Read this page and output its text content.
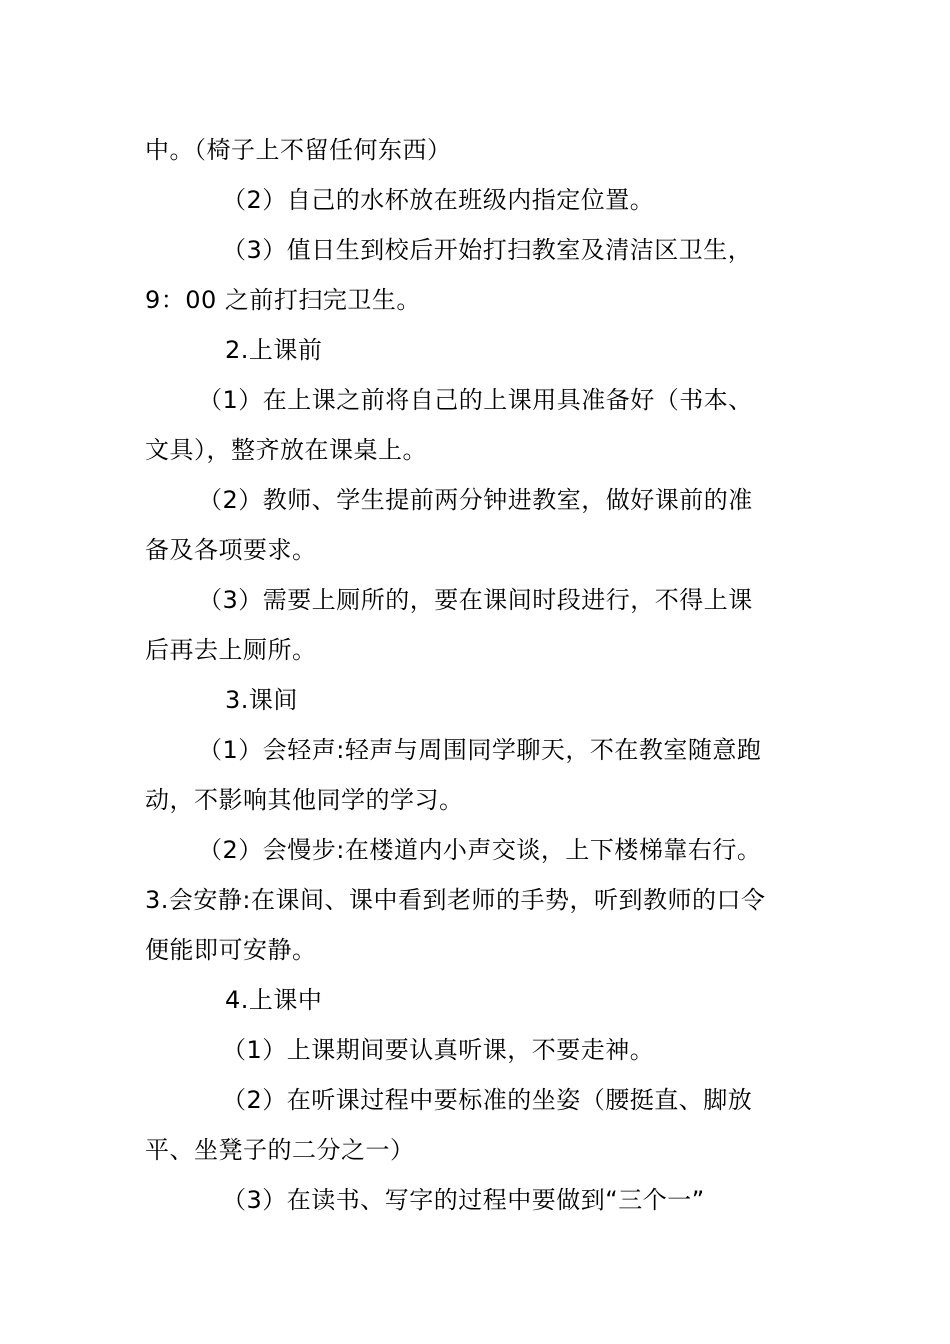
中。（椅子上不留任何东西）
（2）自己的水杯放在班级内指定位置。
（3）值日生到校后开始打扫教室及清洁区卫生，
9：00 之前打扫完卫生。
2.上课前
（1）在上课之前将自己的上课用具准备好（书本、
文具），整齐放在课桌上。
（2）教师、学生提前两分钟进教室，做好课前的准
备及各项要求。
（3）需要上厕所的，要在课间时段进行，不得上课
后再去上厕所。
3.课间
（1）会轻声:轻声与周围同学聊天，不在教室随意跑
动，不影响其他同学的学习。
（2）会慢步:在楼道内小声交谈，上下楼梯靠右行。
3.会安静:在课间、课中看到老师的手势，听到教师的口令
便能即可安静。
4.上课中
（1）上课期间要认真听课，不要走神。
（2）在听课过程中要标准的坐姿（腰挺直、脚放
平、坐凳子的二分之一）
（3）在读书、写字的过程中要做到“三个一”
